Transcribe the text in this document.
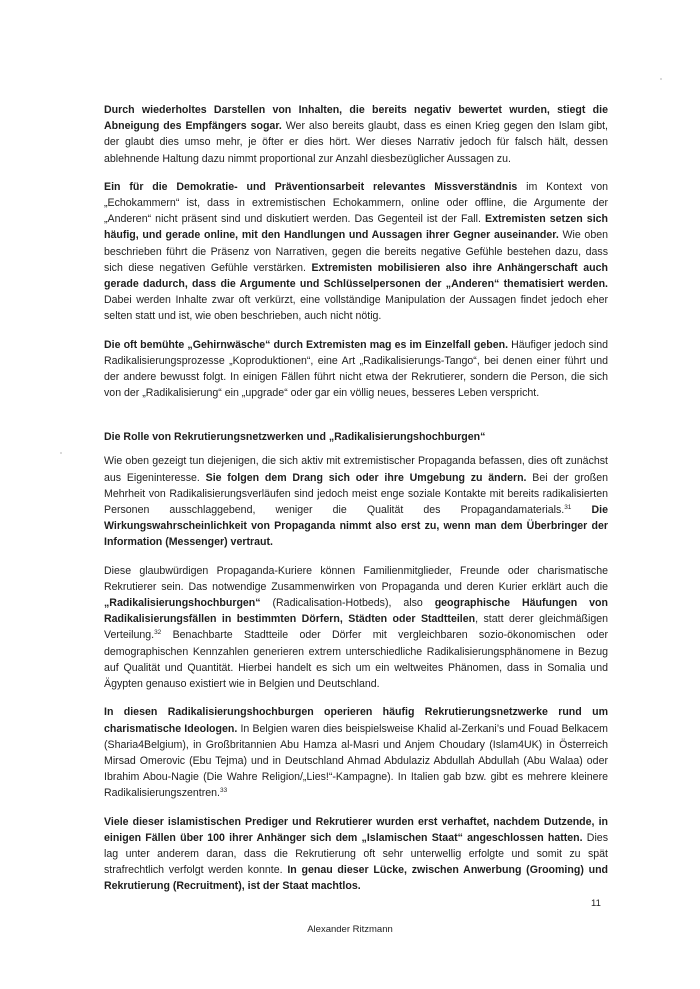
Durch wiederholtes Darstellen von Inhalten, die bereits negativ bewertet wurden, stiegt die Abneigung des Empfängers sogar. Wer also bereits glaubt, dass es einen Krieg gegen den Islam gibt, der glaubt dies umso mehr, je öfter er dies hört. Wer dieses Narrativ jedoch für falsch hält, dessen ablehnende Haltung dazu nimmt proportional zur Anzahl diesbezüglicher Aussagen zu.

Ein für die Demokratie- und Präventionsarbeit relevantes Missverständnis im Kontext von „Echokammern“ ist, dass in extremistischen Echokammern, online oder offline, die Argumente der „Anderen“ nicht präsent sind und diskutiert werden. Das Gegenteil ist der Fall. Extremisten setzen sich häufig, und gerade online, mit den Handlungen und Aussagen ihrer Gegner auseinander. Wie oben beschrieben führt die Präsenz von Narrativen, gegen die bereits negative Gefühle bestehen dazu, dass sich diese negativen Gefühle verstärken. Extremisten mobilisieren also ihre Anhängerschaft auch gerade dadurch, dass die Argumente und Schlüsselpersonen der „Anderen“ thematisiert werden. Dabei werden Inhalte zwar oft verkürzt, eine vollständige Manipulation der Aussagen findet jedoch eher selten statt und ist, wie oben beschrieben, auch nicht nötig.

Die oft bemühte „Gehirnwäsche“ durch Extremisten mag es im Einzelfall geben. Häufiger jedoch sind Radikalisierungsprozesse „Koproduktionen“, eine Art „Radikalisierungs-Tango“, bei denen einer führt und der andere bewusst folgt. In einigen Fällen führt nicht etwa der Rekrutierer, sondern die Person, die sich von der „Radikalisierung“ ein „upgrade“ oder gar ein völlig neues, besseres Leben verspricht.

Die Rolle von Rekrutierungsnetzwerken und „Radikalisierungshochburgen“

Wie oben gezeigt tun diejenigen, die sich aktiv mit extremistischer Propaganda befassen, dies oft zunächst aus Eigeninteresse. Sie folgen dem Drang sich oder ihre Umgebung zu ändern. Bei der großen Mehrheit von Radikalisierungsverläufen sind jedoch meist enge soziale Kontakte mit bereits radikalisierten Personen ausschlaggebend, weniger die Qualität des Propagandamaterials.$^{31}$ Die Wirkungswahrscheinlichkeit von Propaganda nimmt also erst zu, wenn man dem Überbringer der Information (Messenger) vertraut.

Diese glaubwürdigen Propaganda-Kuriere können Familienmitglieder, Freunde oder charismatische Rekrutierer sein. Das notwendige Zusammenwirken von Propaganda und deren Kurier erklärt auch die „Radikalisierungshochburgen“ (Radicalisation-Hotbeds), also geographische Häufungen von Radikalisierungsfällen in bestimmten Dörfern, Städten oder Stadtteilen, statt derer gleichmäßigen Verteilung.$^{32}$ Benachbarte Stadtteile oder Dörfer mit vergleichbaren sozio-ökonomischen oder demographischen Kennzahlen generieren extrem unterschiedliche Radikalisierungsphänomene in Bezug auf Qualität und Quantität. Hierbei handelt es sich um ein weltweites Phänomen, dass in Somalia und Ägypten genauso existiert wie in Belgien und Deutschland.

In diesen Radikalisierungshochburgen operieren häufig Rekrutierungsnetzwerke rund um charismatische Ideologen. In Belgien waren dies beispielsweise Khalid al-Zerkani’s und Fouad Belkacem (Sharia4Belgium), in Großbritannien Abu Hamza al-Masri und Anjem Choudary (Islam4UK) in Österreich Mirsad Omerovic (Ebu Tejma) und in Deutschland Ahmad Abdulaziz Abdullah Abdullah (Abu Walaa) oder Ibrahim Abou-Nagie (Die Wahre Religion/„Lies!“-Kampagne). In Italien gab bzw. gibt es mehrere kleinere Radikalisierungszentren.$^{33}$

Viele dieser islamistischen Prediger und Rekrutierer wurden erst verhaftet, nachdem Dutzende, in einigen Fällen über 100 ihrer Anhänger sich dem „Islamischen Staat“ angeschlossen hatten. Dies lag unter anderem daran, dass die Rekrutierung oft sehr unterwellig erfolgte und somit zu spät strafrechtlich verfolgt werden konnte. In genau dieser Lücke, zwischen Anwerbung (Grooming) und Rekrutierung (Recruitment), ist der Staat machtlos.

11
Alexander Ritzmann
